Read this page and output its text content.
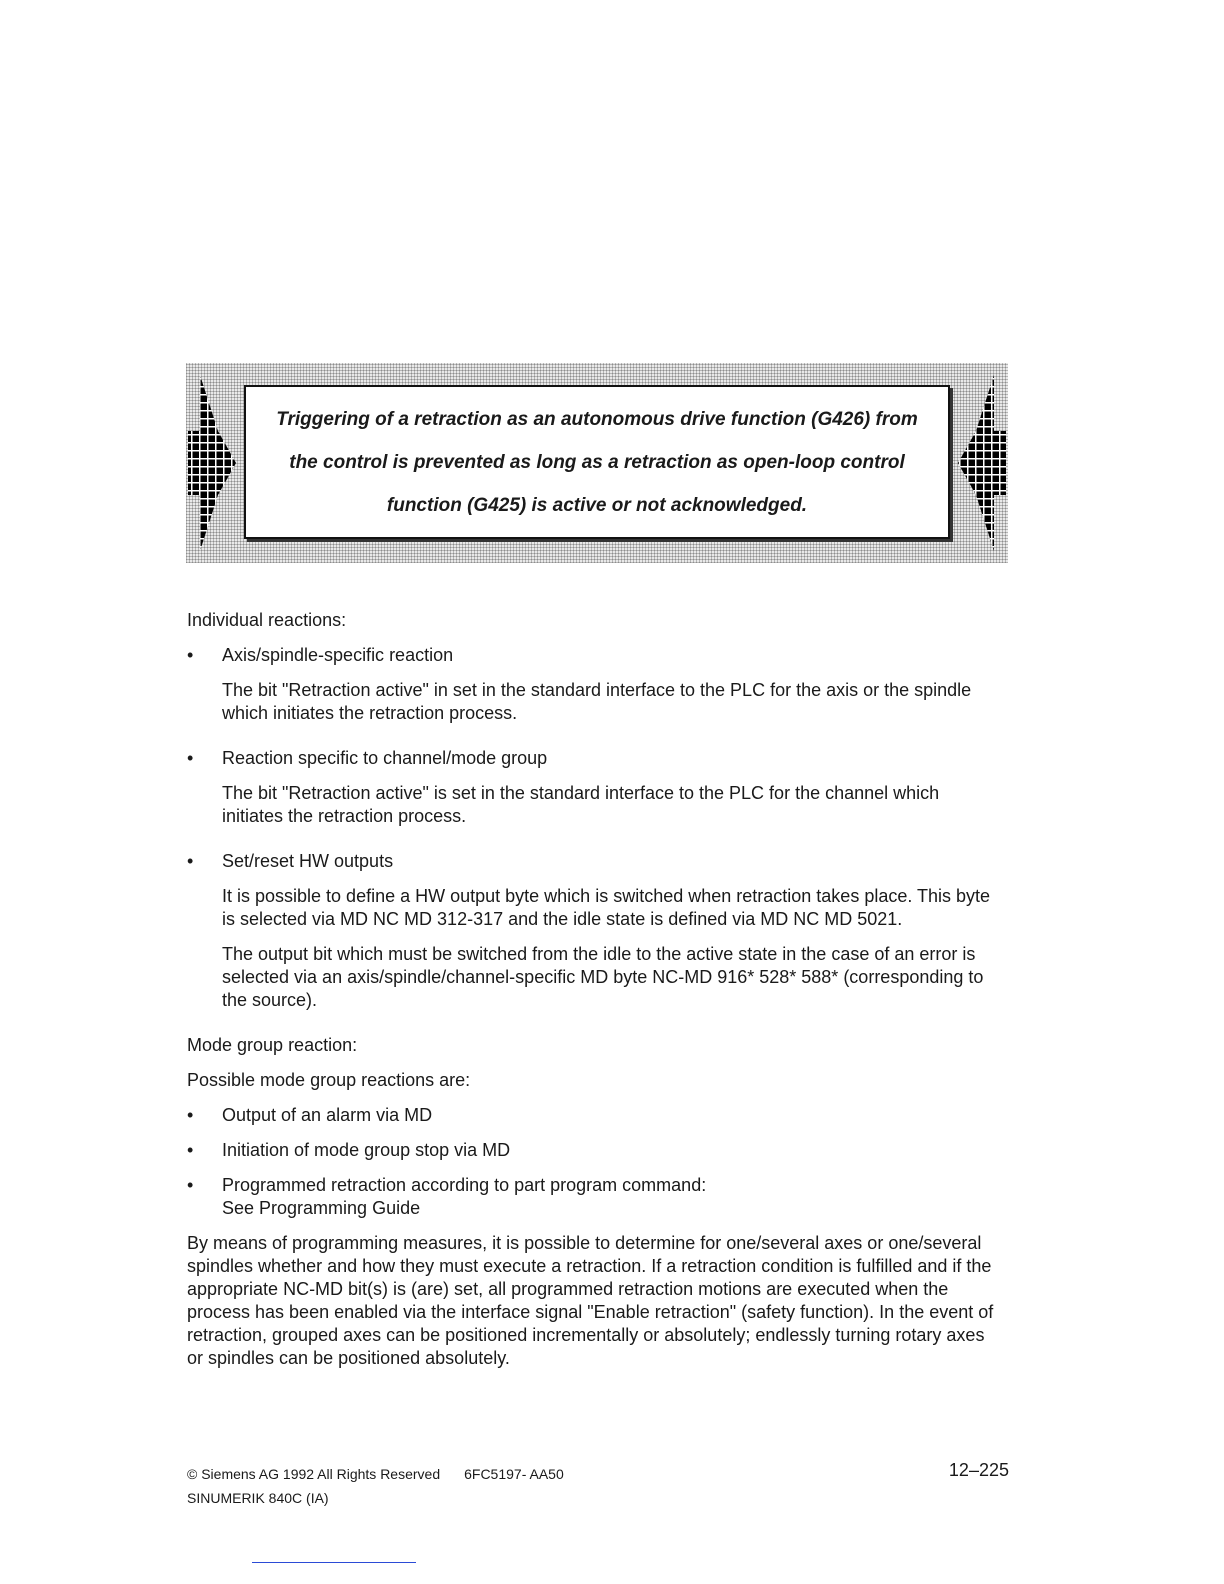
Triggering of a retraction as an autonomous drive function (G426) from
the control is prevented as long as a retraction as open-loop control
function (G425) is active or not acknowledged.

Individual reactions:

• Axis/spindle-specific reaction

The bit "Retraction active" in set in the standard interface to the PLC for the axis or the spindle which initiates the retraction process.

• Reaction specific to channel/mode group

The bit "Retraction active" is set in the standard interface to the PLC for the channel which initiates the retraction process.

• Set/reset HW outputs

It is possible to define a HW output byte which is switched when retraction takes place. This byte is selected via MD NC MD 312-317 and the idle state is defined via MD NC MD 5021.

The output bit which must be switched from the idle to the active state in the case of an error is selected via an axis/spindle/channel-specific MD byte NC-MD 916* 528* 588* (corresponding to the source).

Mode group reaction:

Possible mode group reactions are:

• Output of an alarm via MD

• Initiation of mode group stop via MD

• Programmed retraction according to part program command:
See Programming Guide

By means of programming measures, it is possible to determine for one/several axes or one/several spindles whether and how they must execute a retraction. If a retraction condition is fulfilled and if the appropriate NC-MD bit(s) is (are) set, all programmed retraction motions are executed when the process has been enabled via the interface signal "Enable retraction" (safety function). In the event of retraction, grouped axes can be positioned incrementally or absolutely; endlessly turning rotary axes or spindles can be positioned absolutely.

© Siemens AG 1992 All Rights Reserved 6FC5197- AA50	12–225
SINUMERIK 840C (IA)
